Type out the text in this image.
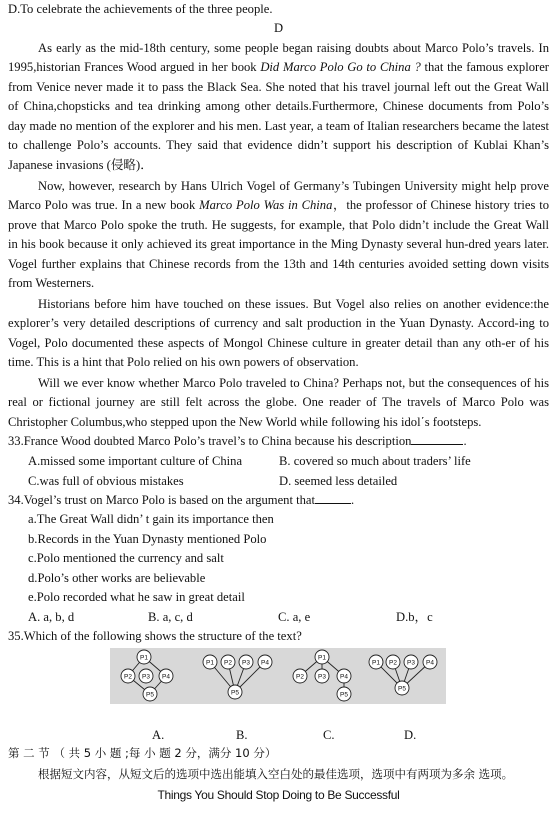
D.To celebrate the achievements of the three people.
D
As early as the mid-18th century, some people began raising doubts about Marco Polo’s travels. In
1995,historian Frances Wood argued in her book Did Marco Polo Go to China ? that the famous explorer
from Venice never made it to pass the Black Sea. She noted that his travel journal left out the Great Wall
of China,chopsticks and tea drinking among other details.Furthermore, Chinese documents from Polo’s
day made no mention of the explorer and his men. Last year, a team of Italian researchers became the latest
to challenge Polo’s accounts. They said that evidence didn’t support his description of Kublai Khan’s
Japanese invasions (侵略)．
Now, however, research by Hans Ulrich Vogel of Germany’s Tubingen University might help prove
Marco Polo was true. In a new book Marco Polo Was in China，the professor of Chinese history tries to
prove that Marco Polo spoke the truth. He suggests, for example, that Polo didn’t include the Great Wall
in his book because it only achieved its great importance in the Ming Dynasty several hun-dred years later.
Vogel further explains that Chinese records from the 13th and 14th centuries avoided setting down visits
from Westerners.
Historians before him have touched on these issues. But Vogel also relies on another evidence:the
explorer’s very detailed descriptions of currency and salt production in the Yuan Dynasty. Accord-ing to
Vogel, Polo documented these aspects of Mongol Chinese culture in greater detail than any oth-er of his
time. This is a hint that Polo relied on his own powers of observation.
Will we ever know whether Marco Polo traveled to China? Perhaps not, but the consequences of his
real or fictional journey are still felt across the globe. One reader of The travels of Marco Polo was
Christopher Columbus,who stepped upon the New World while following his idol΄s footsteps.
33.France Wood doubted Marco Polo’s travel’s to China because his description	.
A.missed some important culture of China	B. covered so much about traders’ life
C.was full of obvious mistakes	D. seemed less detailed
34.Vogel’s trust on Marco Polo is based on the argument that	.
a.The Great Wall didn’ t gain its importance then
b.Records in the Yuan Dynasty mentioned Polo
c.Polo mentioned the currency and salt
d.Polo’s other works are believable
e.Polo recorded what he saw in great detail
A. a, b, d	B. a, c, d	C. a, e	D.b，c
35.Which of the following shows the structure of the text?
P1
P2 P3 P4
P5
P1 P2 P3 P4
P5
P1
P2 P3 P4
P5
P1 P2 P3 P4
P5
A.	B.	C.	D.
第 二 节 （ 共 5 小 题 ;每 小 题 2 分，满分 10 分）
根据短文内容，从短文后的选项中选出能填入空白处的最佳选项，选项中有两项为多余 选项。
Things You Should Stop Doing to Be Successful
